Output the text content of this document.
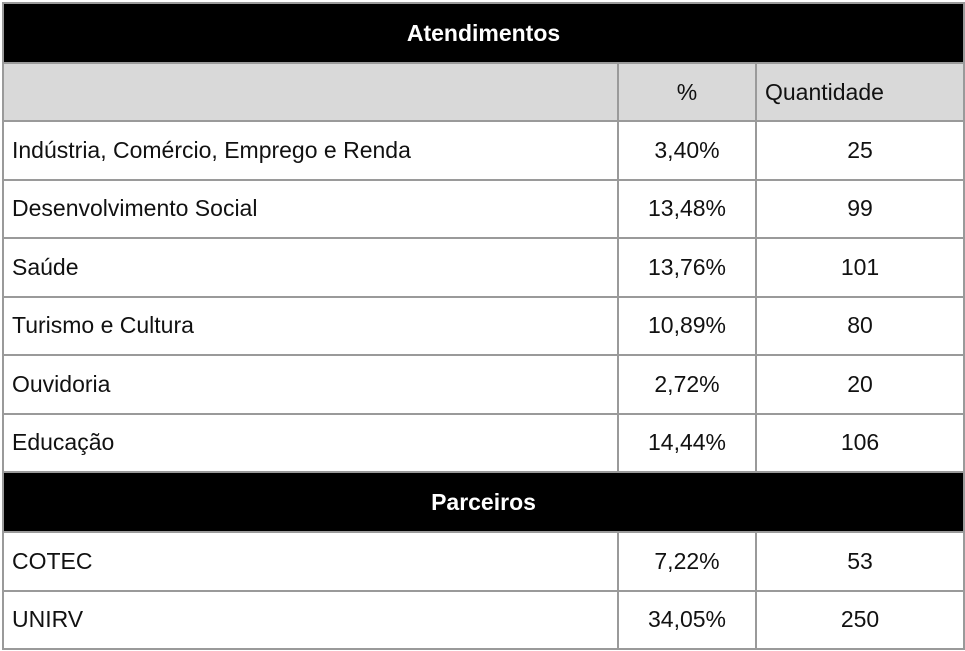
Atendimentos		
	%	Quantidade
Indústria, Comércio, Emprego e Renda	3,40%	25
Desenvolvimento Social	13,48%	99
Saúde	13,76%	101
Turismo e Cultura	10,89%	80
Ouvidoria	2,72%	20
Educação	14,44%	106
Parceiros		
COTEC	7,22%	53
UNIRV	34,05%	250
